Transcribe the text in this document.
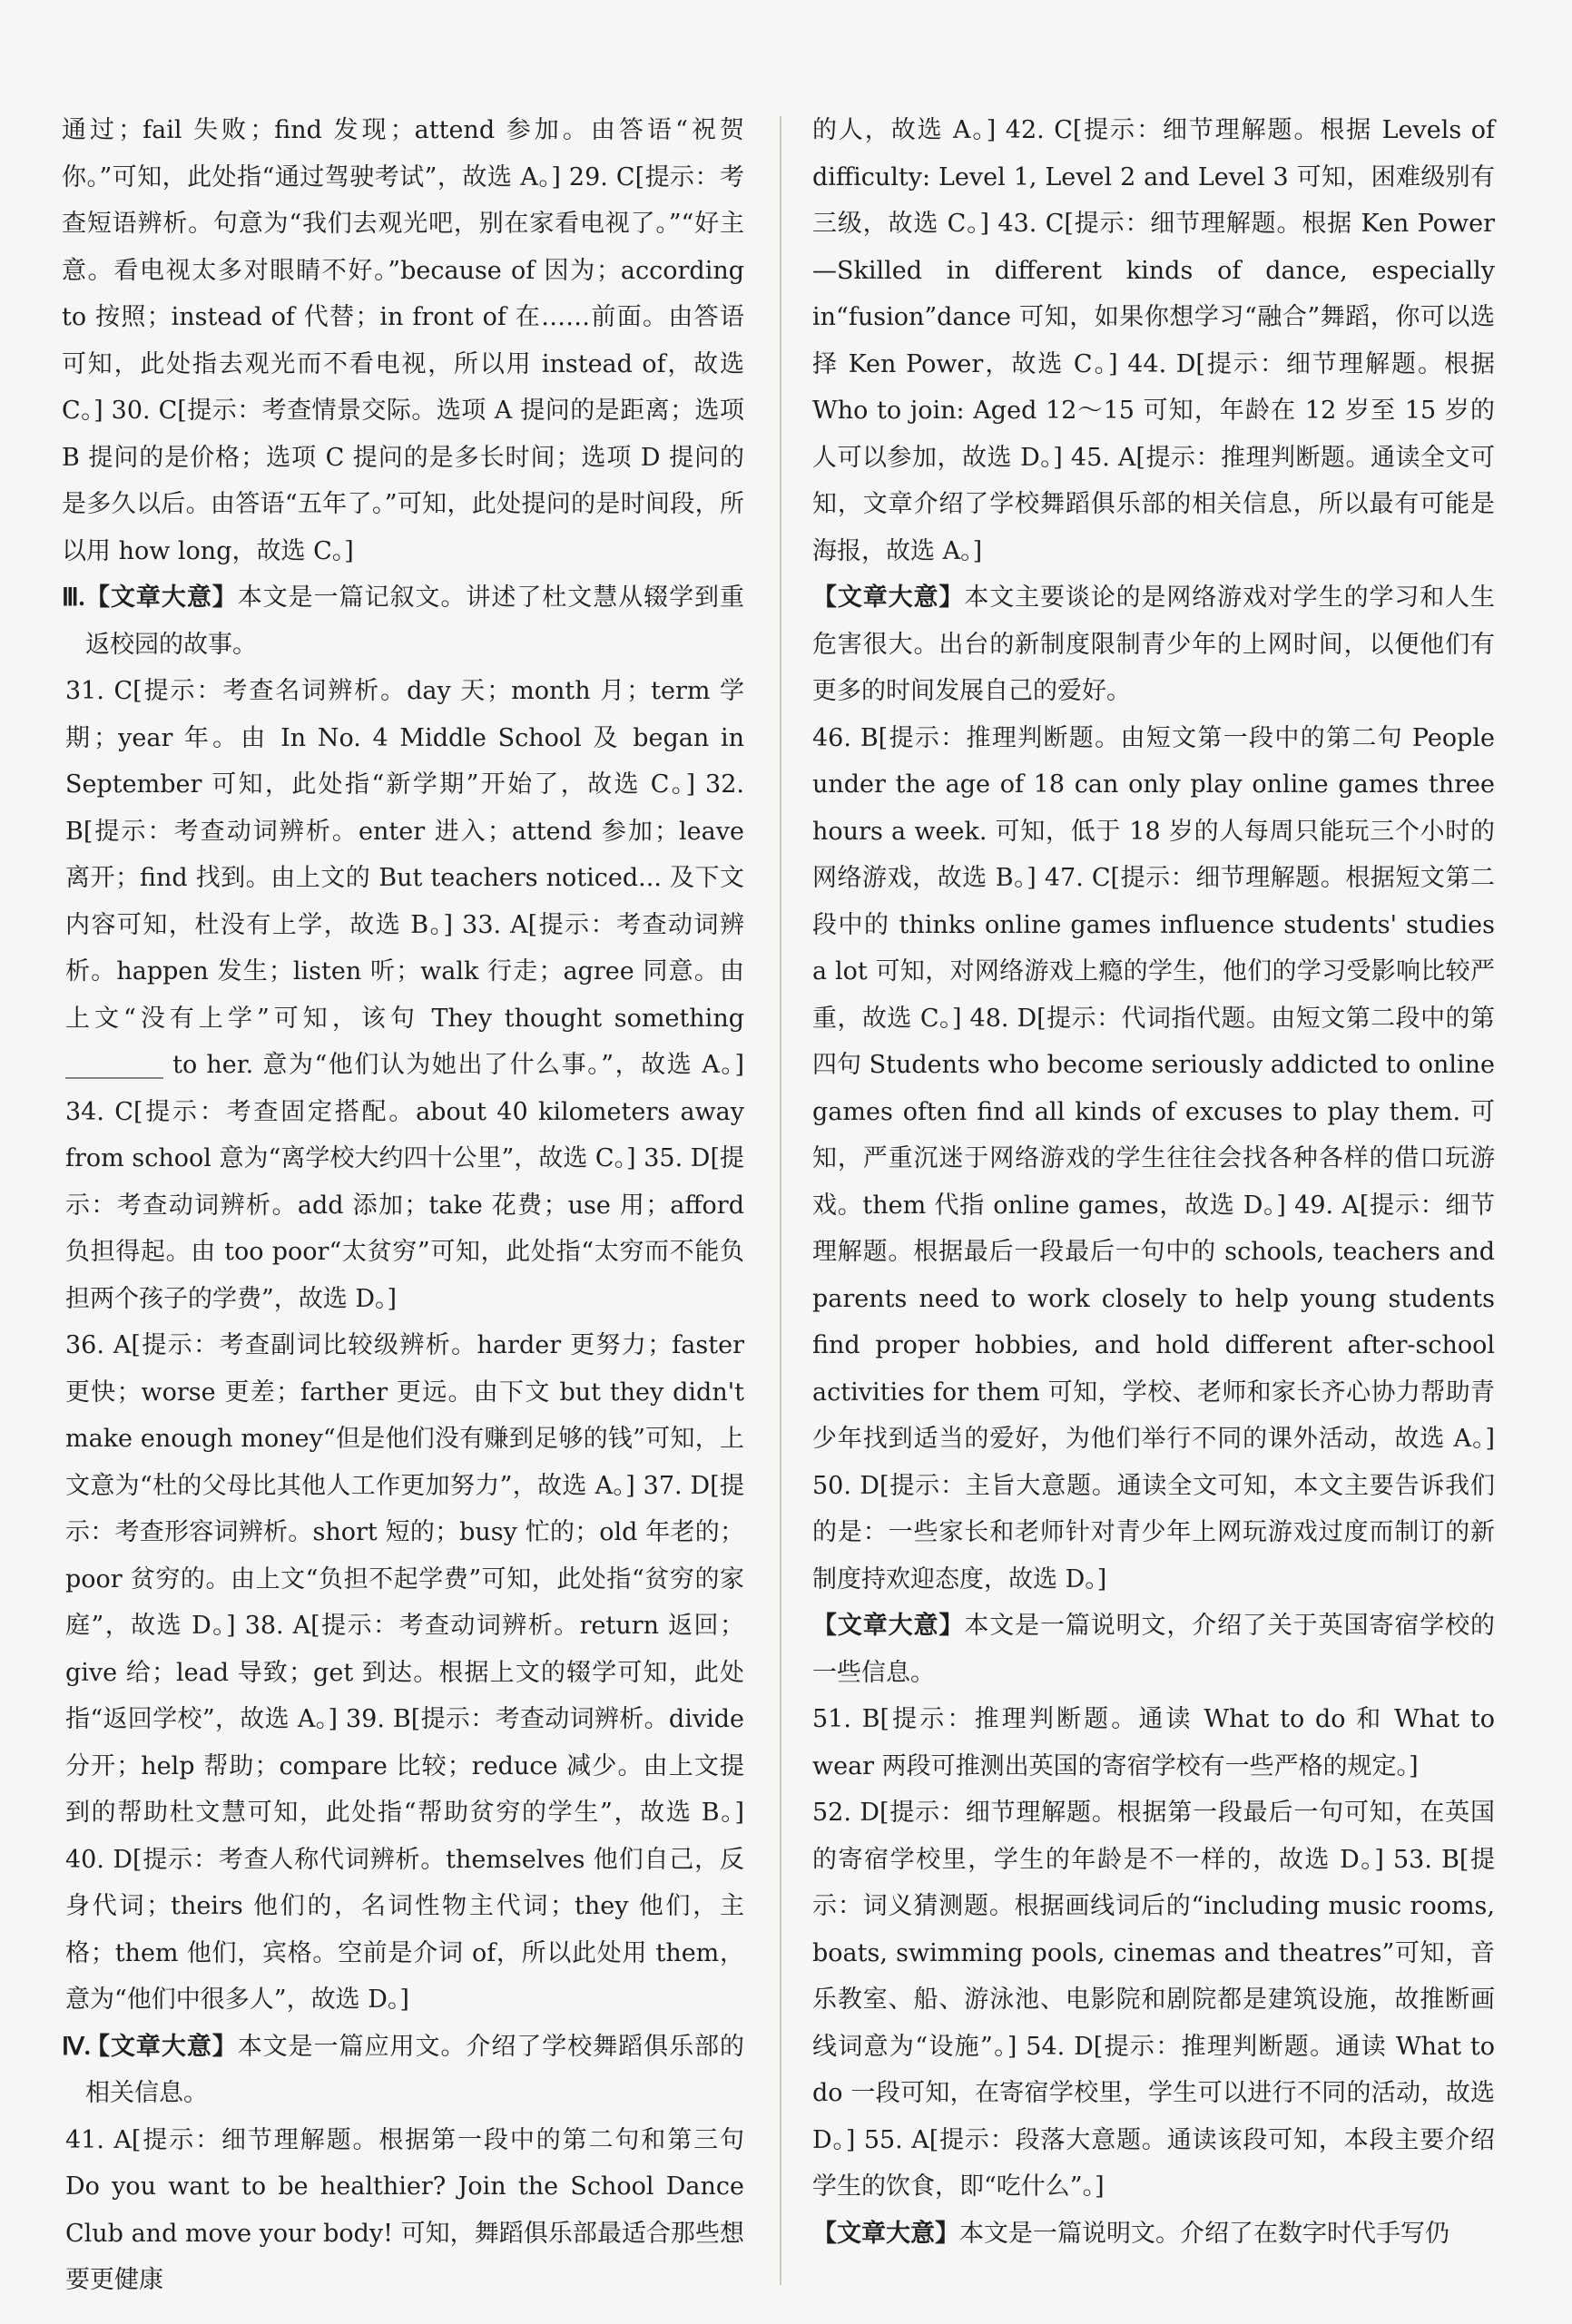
通过；fail 失败；find 发现；attend 参加。由答语“祝贺你。”可知，此处指“通过驾驶考试”，故选 A。] 29. C[提示：考查短语辨析。句意为“我们去观光吧，别在家看电视了。”“好主意。看电视太多对眼睛不好。”because of 因为；according to 按照；instead of 代替；in front of 在……前面。由答语可知，此处指去观光而不看电视，所以用 instead of，故选 C。] 30. C[提示：考查情景交际。选项 A 提问的是距离；选项 B 提问的是价格；选项 C 提问的是多长时间；选项 D 提问的是多久以后。由答语“五年了。”可知，此处提问的是时间段，所以用 how long，故选 C。]

Ⅲ. 【文章大意】本文是一篇记叙文。讲述了杜文慧从辍学到重返校园的故事。

31. C[提示：考查名词辨析。day 天；month 月；term 学期；year 年。由 In No. 4 Middle School 及 began in September 可知，此处指“新学期”开始了，故选 C。] 32. B[提示：考查动词辨析。enter 进入；attend 参加；leave 离开；find 找到。由上文的 But teachers noticed... 及下文内容可知，杜没有上学，故选 B。] 33. A[提示：考查动词辨析。happen 发生；listen 听；walk 行走；agree 同意。由上文“没有上学”可知，该句 They thought something ________ to her. 意为“他们认为她出了什么事。”，故选 A。] 34. C[提示：考查固定搭配。about 40 kilometers away from school 意为“离学校大约四十公里”，故选 C。] 35. D[提示：考查动词辨析。add 添加；take 花费；use 用；afford 负担得起。由 too poor“太贫穷”可知，此处指“太穷而不能负担两个孩子的学费”，故选 D。]

36. A[提示：考查副词比较级辨析。harder 更努力；faster 更快；worse 更差；farther 更远。由下文 but they didn't make enough money“但是他们没有赚到足够的钱”可知，上文意为“杜的父母比其他人工作更加努力”，故选 A。] 37. D[提示：考查形容词辨析。short 短的；busy 忙的；old 年老的；poor 贫穷的。由上文“负担不起学费”可知，此处指“贫穷的家庭”，故选 D。] 38. A[提示：考查动词辨析。return 返回；give 给；lead 导致；get 到达。根据上文的辍学可知，此处指“返回学校”，故选 A。] 39. B[提示：考查动词辨析。divide 分开；help 帮助；compare 比较；reduce 减少。由上文提到的帮助杜文慧可知，此处指“帮助贫穷的学生”，故选 B。] 40. D[提示：考查人称代词辨析。themselves 他们自己，反身代词；theirs 他们的，名词性物主代词；they 他们，主格；them 他们，宾格。空前是介词 of，所以此处用 them，意为“他们中很多人”，故选 D。]

Ⅳ.
【文章大意】本文是一篇应用文。介绍了学校舞蹈俱乐部的相关信息。

41. A[提示：细节理解题。根据第一段中的第二句和第三句 Do you want to be healthier? Join the School Dance Club and move your body! 可知，舞蹈俱乐部最适合那些想要更健康

的人，故选 A。] 42. C[提示：细节理解题。根据 Levels of difficulty: Level 1, Level 2 and Level 3 可知，困难级别有三级，故选 C。] 43. C[提示：细节理解题。根据 Ken Power—Skilled in different kinds of dance, especially in“fusion”dance 可知，如果你想学习“融合”舞蹈，你可以选择 Ken Power，故选 C。] 44. D[提示：细节理解题。根据 Who to join: Aged 12～15 可知，年龄在 12 岁至 15 岁的人可以参加，故选 D。] 45. A[提示：推理判断题。通读全文可知，文章介绍了学校舞蹈俱乐部的相关信息，所以最有可能是海报，故选 A。]

【文章大意】本文主要谈论的是网络游戏对学生的学习和人生危害很大。出台的新制度限制青少年的上网时间，以便他们有更多的时间发展自己的爱好。

46. B[提示：推理判断题。由短文第一段中的第二句 People under the age of 18 can only play online games three hours a week. 可知，低于 18 岁的人每周只能玩三个小时的网络游戏，故选 B。] 47. C[提示：细节理解题。根据短文第二段中的 thinks online games influence students' studies a lot 可知，对网络游戏上瘾的学生，他们的学习受影响比较严重，故选 C。] 48. D[提示：代词指代题。由短文第二段中的第四句 Students who become seriously addicted to online games often find all kinds of excuses to play them. 可知，严重沉迷于网络游戏的学生往往会找各种各样的借口玩游戏。them 代指 online games，故选 D。] 49. A[提示：细节理解题。根据最后一段最后一句中的 schools, teachers and parents need to work closely to help young students find proper hobbies, and hold different after-school activities for them 可知，学校、老师和家长齐心协力帮助青少年找到适当的爱好，为他们举行不同的课外活动，故选 A。] 50. D[提示：主旨大意题。通读全文可知，本文主要告诉我们的是：一些家长和老师针对青少年上网玩游戏过度而制订的新制度持欢迎态度，故选 D。]

【文章大意】本文是一篇说明文，介绍了关于英国寄宿学校的一些信息。

51. B[提示：推理判断题。通读 What to do 和 What to wear 两段可推测出英国的寄宿学校有一些严格的规定。]

52. D[提示：细节理解题。根据第一段最后一句可知，在英国的寄宿学校里，学生的年龄是不一样的，故选 D。] 53. B[提示：词义猜测题。根据画线词后的“including music rooms, boats, swimming pools, cinemas and theatres”可知，音乐教室、船、游泳池、电影院和剧院都是建筑设施，故推断画线词意为“设施”。] 54. D[提示：推理判断题。通读 What to do 一段可知，在寄宿学校里，学生可以进行不同的活动，故选 D。] 55. A[提示：段落大意题。通读该段可知，本段主要介绍学生的饮食，即“吃什么”。]

【文章大意】本文是一篇说明文。介绍了在数字时代手写仍
